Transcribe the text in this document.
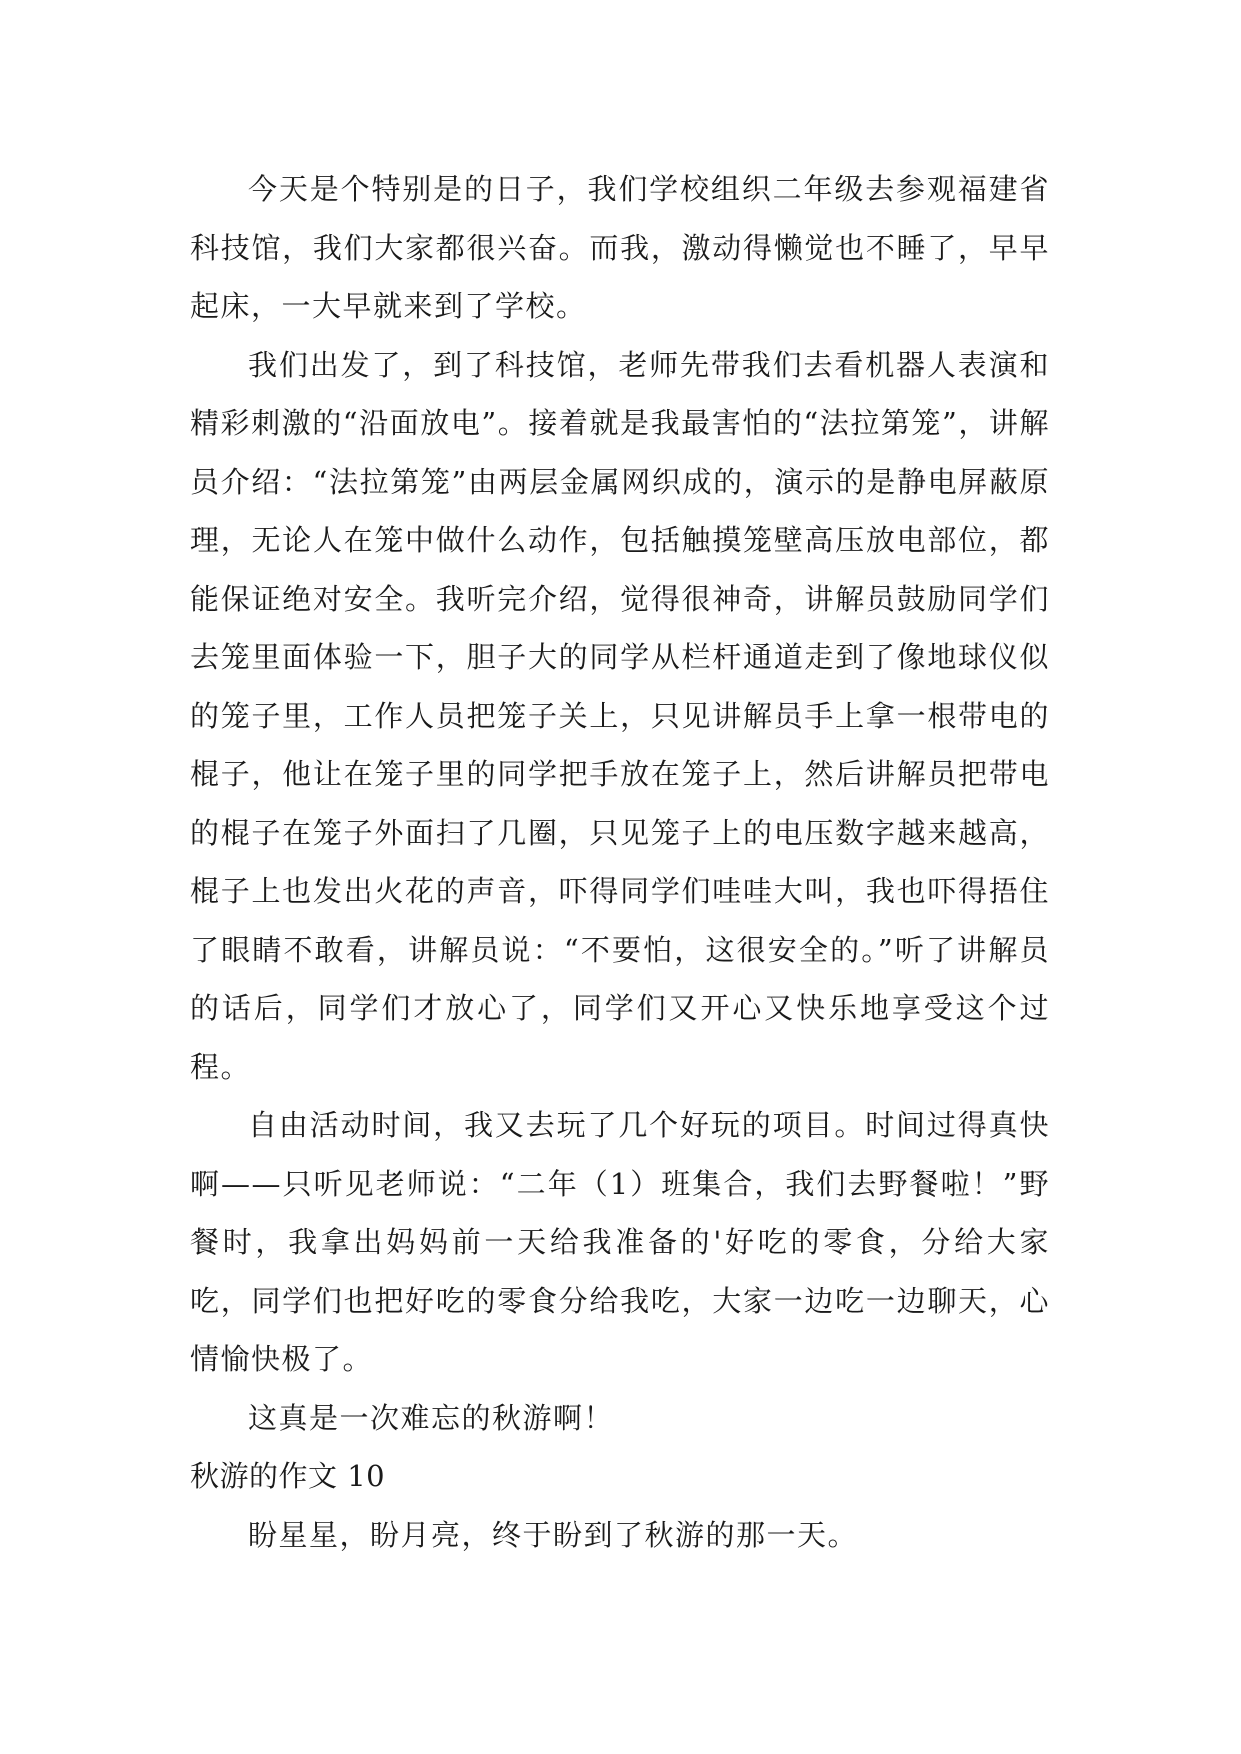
今天是个特别是的日子，我们学校组织二年级去参观福建省科技馆，我们大家都很兴奋。而我，激动得懒觉也不睡了，早早起床，一大早就来到了学校。

我们出发了，到了科技馆，老师先带我们去看机器人表演和精彩刺激的“沿面放电”。接着就是我最害怕的“法拉第笼”，讲解员介绍：“法拉第笼”由两层金属网织成的，演示的是静电屏蔽原理，无论人在笼中做什么动作，包括触摸笼壁高压放电部位，都能保证绝对安全。我听完介绍，觉得很神奇，讲解员鼓励同学们去笼里面体验一下，胆子大的同学从栏杆通道走到了像地球仪似的笼子里，工作人员把笼子关上，只见讲解员手上拿一根带电的棍子，他让在笼子里的同学把手放在笼子上，然后讲解员把带电的棍子在笼子外面扫了几圈，只见笼子上的电压数字越来越高，棍子上也发出火花的声音，吓得同学们哇哇大叫，我也吓得捂住了眼睛不敢看，讲解员说：“不要怕，这很安全的。”听了讲解员的话后，同学们才放心了，同学们又开心又快乐地享受这个过程。

自由活动时间，我又去玩了几个好玩的项目。时间过得真快啊——只听见老师说：“二年（1）班集合，我们去野餐啦！”野餐时，我拿出妈妈前一天给我准备的'好吃的零食，分给大家吃，同学们也把好吃的零食分给我吃，大家一边吃一边聊天，心情愉快极了。

这真是一次难忘的秋游啊！

秋游的作文 10

盼星星，盼月亮，终于盼到了秋游的那一天。
